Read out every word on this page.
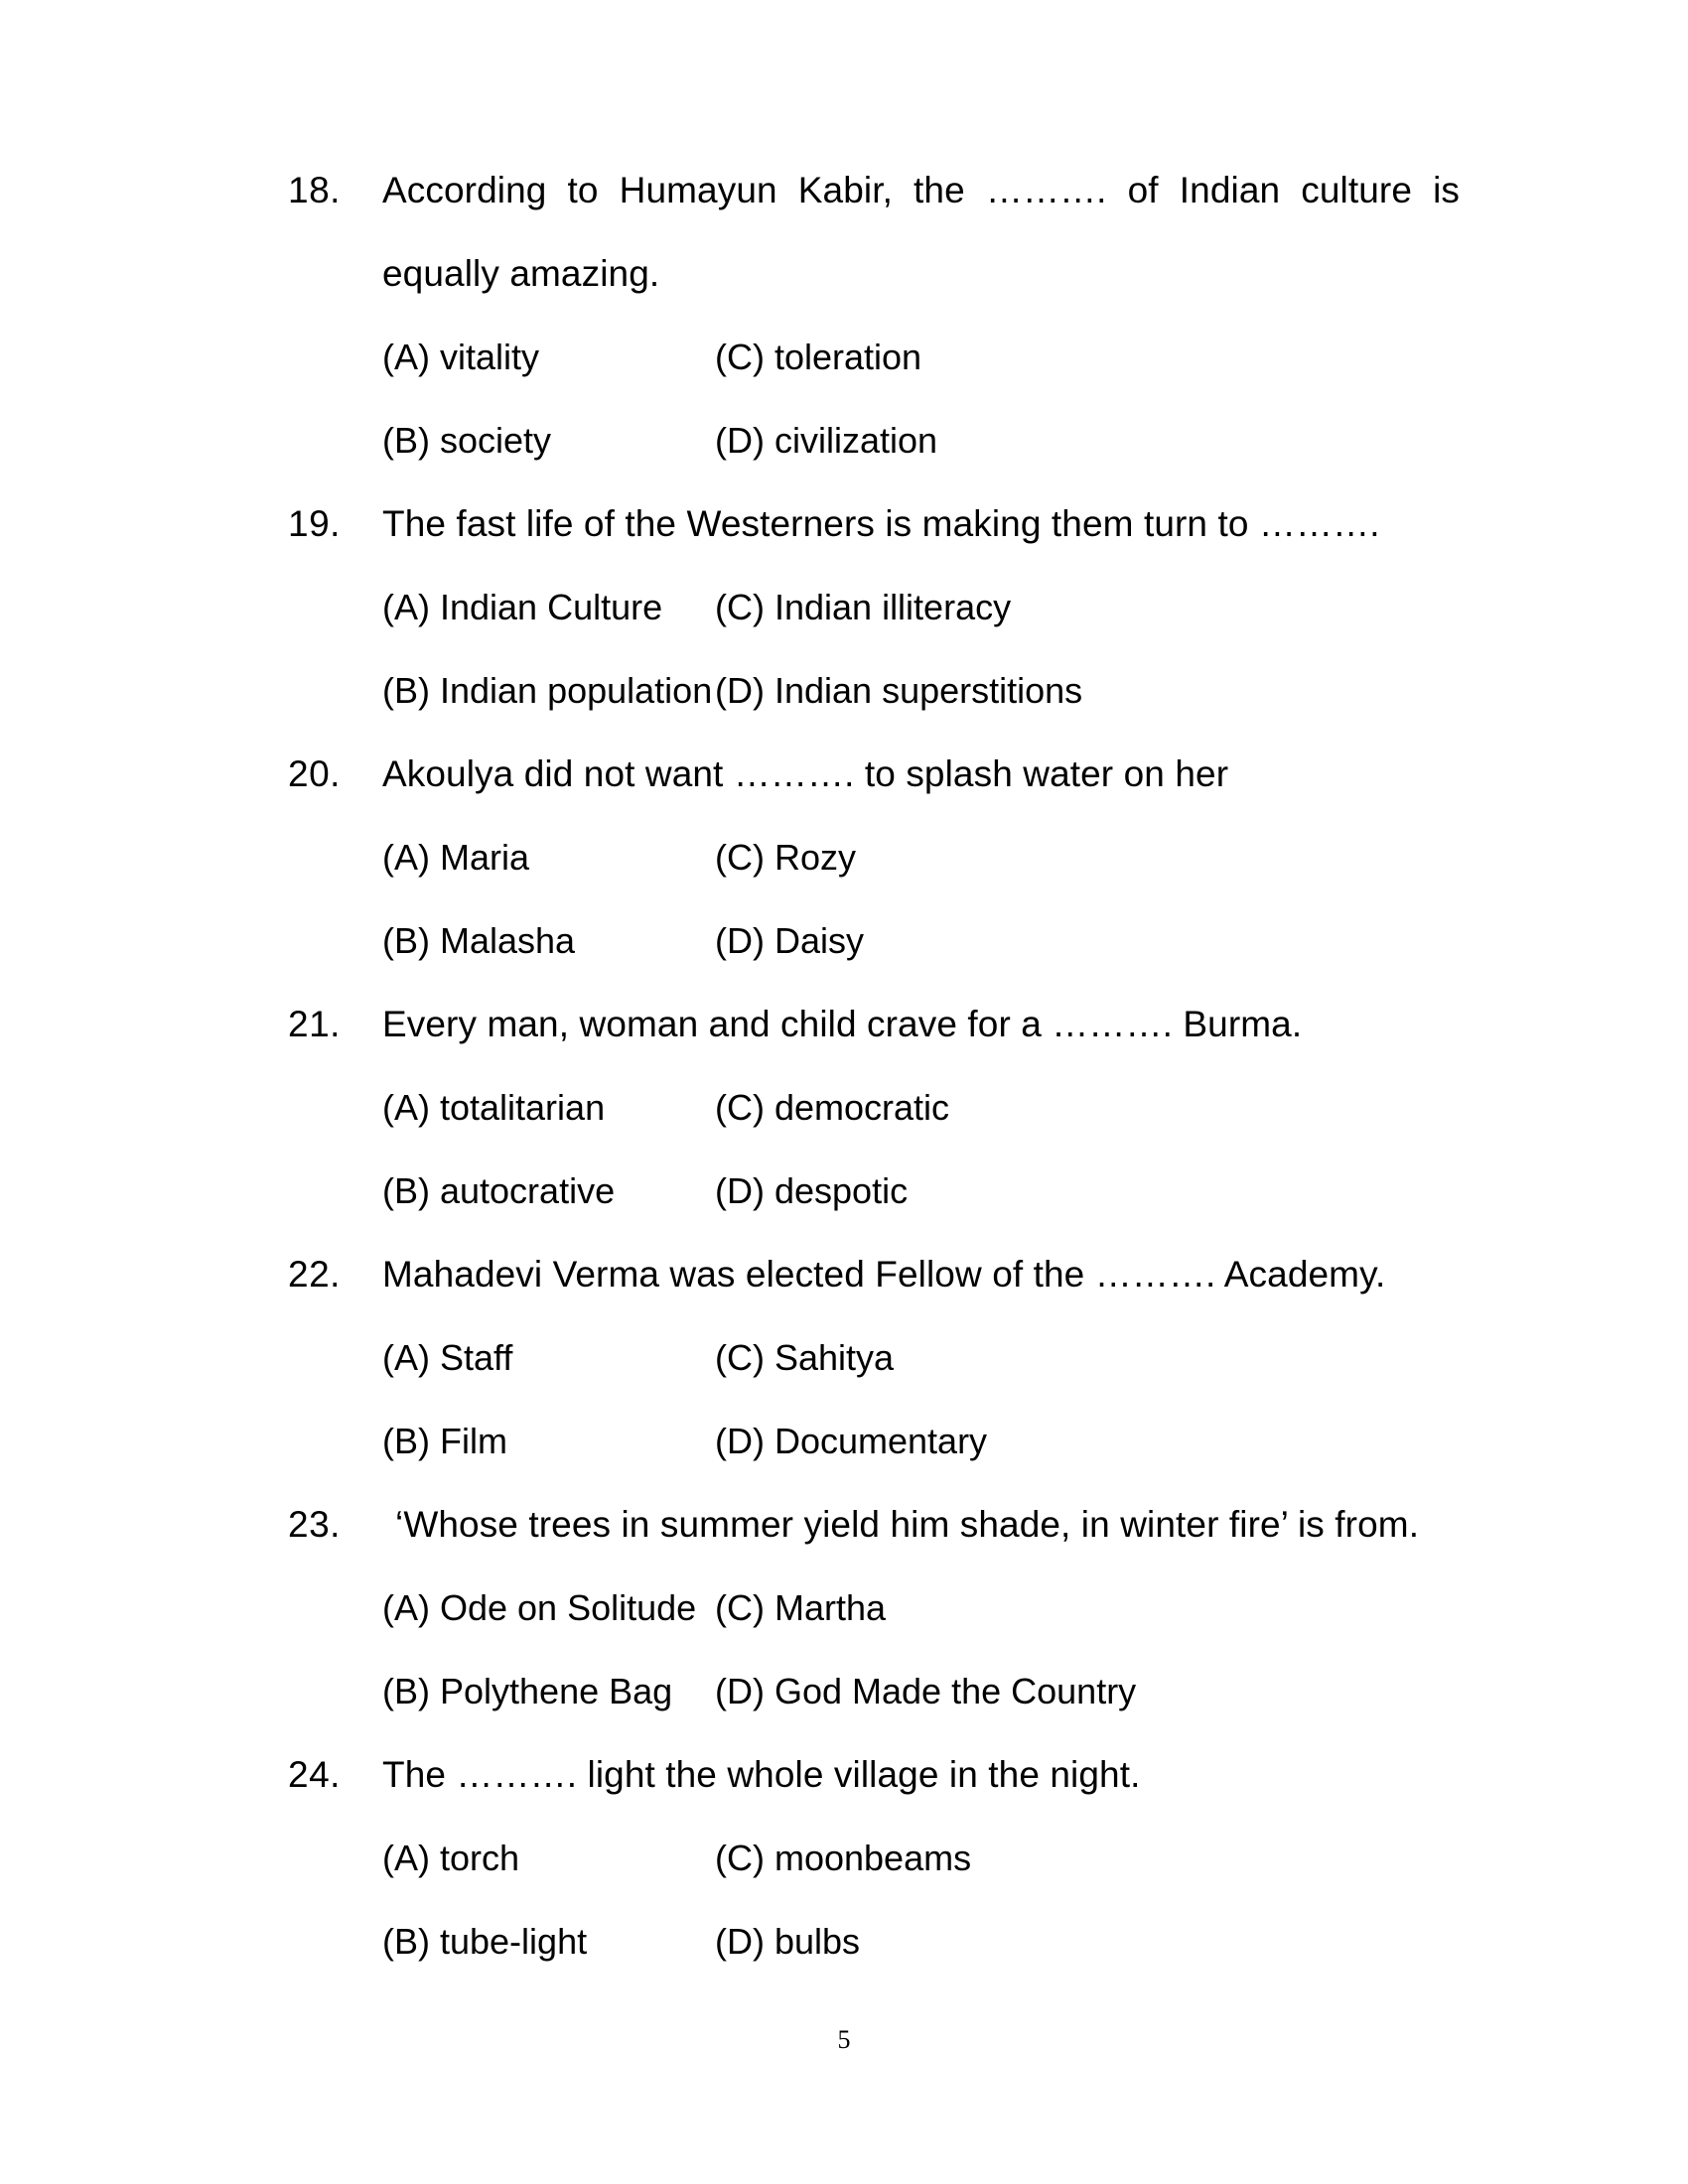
18.	According to Humayun Kabir, the ………. of Indian culture is
equally amazing.
(A) vitality	(C) toleration
(B) society	(D) civilization
19.	The fast life of the Westerners is making them turn to ……….
(A) Indian Culture	(C) Indian illiteracy
(B) Indian population (D) Indian superstitions
20.	Akoulya did not want ………. to splash water on her
(A) Maria	(C) Rozy
(B) Malasha	(D) Daisy
21.	Every man, woman and child crave for a ………. Burma.
(A) totalitarian	(C) democratic
(B) autocrative	(D) despotic
22.	Mahadevi Verma was elected Fellow of the ………. Academy.
(A) Staff	(C) Sahitya
(B) Film	(D) Documentary
23.	‘Whose trees in summer yield him shade, in winter fire’ is from.
(A) Ode on Solitude (C) Martha
(B) Polythene Bag	(D) God Made the Country
24.	The ………. light the whole village in the night.
(A) torch	(C) moonbeams
(B) tube-light	(D) bulbs
5
